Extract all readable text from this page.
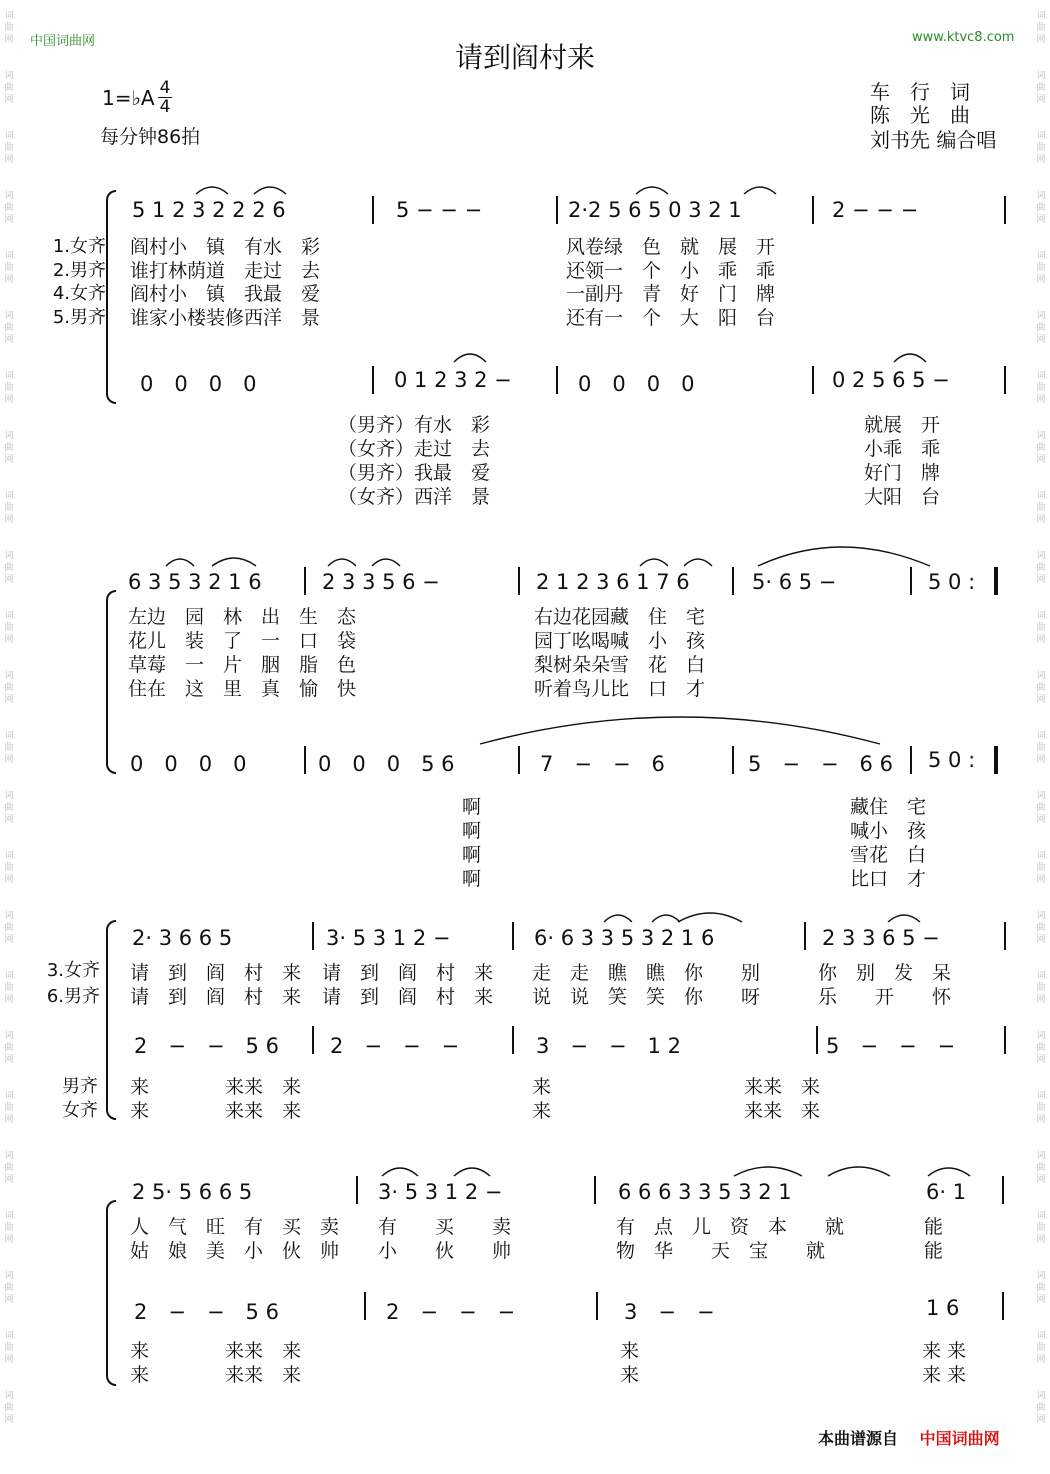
词
曲
网
词
曲
网
词
曲
网
词
曲
网
词
曲
网
词
曲
网
词
曲
网
词
曲
网
词
曲
网
词
曲
网
词
曲
网
词
曲
网
词
曲
网
词
曲
网
词
曲
网
词
曲
网
词
曲
网
词
曲
网
词
曲
网
词
曲
网
词
曲
网
词
曲
网
词
曲
网
词
曲
网
词
曲
网
词
曲
网
词
曲
网
词
曲
网
词
曲
网
词
曲
网
词
曲
网
词
曲
网
词
曲
网
词
曲
网
词
曲
网
词
曲
网
词
曲
网
词
曲
网
词
曲
网
词
曲
网
词
曲
网
词
曲
网
词
曲
网
词
曲
网
词
曲
网
词
曲
网
词
曲
网
词
曲
网
中国词曲网	www.ktvc8.com
请到阎村来
1=♭A 4
4
每分钟86拍
车　行　词
陈　光　曲
刘书先 编合唱
5 1 2 3 2 2 2 6	5 − − −	2·2 5 6 5 0 3 2 1	2 − − −
1.女齐
2.男齐
4.女齐
5.男齐
阎村小　镇　有水　彩
谁打林荫道　走过　去
阎村小　镇　我最　爱
谁家小楼装修西洋　景
风卷绿　色　就　展　开
还领一　个　小　乖　乖
一副丹　青　好　门　牌
还有一　个　大　阳　台
0　0　0　0	0 1 2 3 2 −	0　0　0　0	0 2 5 6 5 −
（男齐）有水　彩
（女齐）走过　去
（男齐）我最　爱
（女齐）西洋　景
就展　开
小乖　乖
好门　牌
大阳　台
6 3 5 3 2 1 6	2 3 3 5 6 −	2 1 2 3 6 1 7 6	5· 6 5 −	5 0 :
左边　园　林　出　生　态
花儿　装　了　一　口　袋
草莓　一　片　胭　脂　色
住在　这　里　真　愉　快
右边花园藏　住　宅
园丁吆喝喊　小　孩
梨树朵朵雪　花　白
听着鸟儿比　口　才
0　0　0　0	0　0　0　5 6	7　−　−　6	5　−　−　6 6 5 0 :
啊
啊
啊
啊
藏住　宅
喊小　孩
雪花　白
比口　才
2· 3 6 6 5	3· 5 3 1 2 −	6· 6 3 3 5 3 2 1 6	2 3 3 6 5 −
3.女齐
6.男齐
请　到　阎　村　来 请　到　阎　村　来 走　走　瞧　瞧　你　　别	你　别　发　呆
请　到　阎　村　来 请　到　阎　村　来 说　说　笑　笑　你　　呀	乐　　开　　怀
2　−　−　5 6 2　−　−　−	3　−　−　1 2	5　−　−　−
男齐
女齐
来　　　　来来　来	来	来来　来
来　　　　来来　来	来	来来　来
2 5· 5 6 6 5	3· 5 3 1 2 −	6 6 6 3 3 5 3 2 1	6· 1
人　气　旺　有　买　卖 有　　买　　卖	有　点　儿　资　本　　就	能
姑　娘　美　小　伙　帅 小　　伙　　帅	物　华　　天　宝　　就	能
2　−　−　5 6	2　−　−　−	3　−　−	1 6
来　　　　来来　来	来	来 来
来　　　　来来　来	来	来 来
本曲谱源自　 中国词曲网
